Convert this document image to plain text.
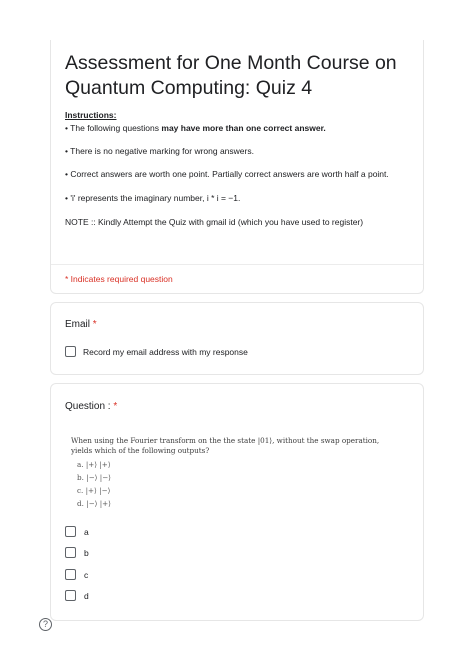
Assessment for One Month Course on Quantum Computing: Quiz 4
Instructions:
• The following questions may have more than one correct answer.
• There is no negative marking for wrong answers.
• Correct answers are worth one point. Partially correct answers are worth half a point.
• 'i' represents the imaginary number, i * i = −1.
NOTE :: Kindly Attempt the Quiz with gmail id (which you have used to register)
* Indicates required question
Email *
Record my email address with my response
Question : *
When using the Fourier transform on the the state |01⟩, without the swap operation, yields which of the following outputs?
a. |+⟩ |+⟩
b. |−⟩ |−⟩
c. |+⟩ |−⟩
d. |−⟩ |+⟩
a
b
c
d
?
